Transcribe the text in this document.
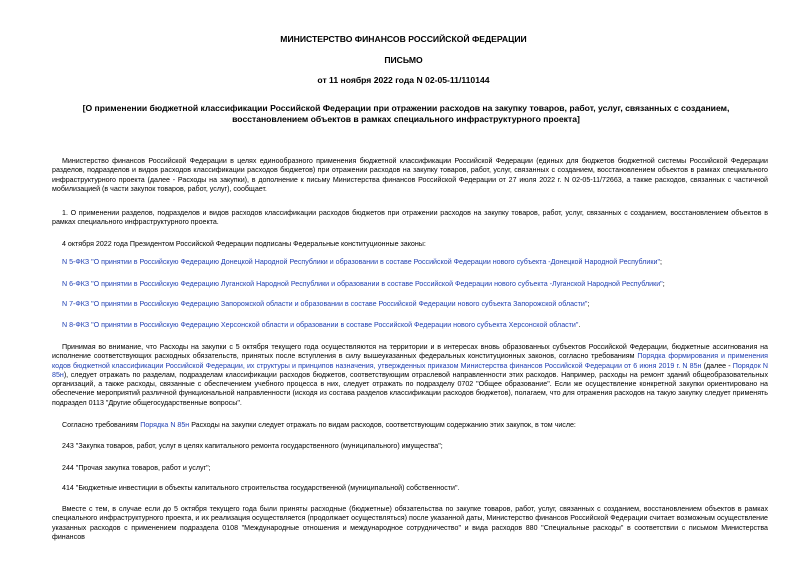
МИНИСТЕРСТВО ФИНАНСОВ РОССИЙСКОЙ ФЕДЕРАЦИИ
ПИСЬМО
от 11 ноября 2022 года N 02-05-11/110144
[О применении бюджетной классификации Российской Федерации при отражении расходов на закупку товаров, работ, услуг, связанных с созданием, восстановлением объектов в рамках специального инфраструктурного проекта]
Министерство финансов Российской Федерации в целях единообразного применения бюджетной классификации Российской Федерации (единых для бюджетов бюджетной системы Российской Федерации разделов, подразделов и видов расходов классификации расходов бюджетов) при отражении расходов на закупку товаров, работ, услуг, связанных с созданием, восстановлением объектов в рамках специального инфраструктурного проекта (далее - Расходы на закупки), в дополнение к письму Министерства финансов Российской Федерации от 27 июля 2022 г. N 02-05-11/72663, а также расходов, связанных с частичной мобилизацией (в части закупок товаров, работ, услуг), сообщает.
1. О применении разделов, подразделов и видов расходов классификации расходов бюджетов при отражении расходов на закупку товаров, работ, услуг, связанных с созданием, восстановлением объектов в рамках специального инфраструктурного проекта.
4 октября 2022 года Президентом Российской Федерации подписаны Федеральные конституционные законы:
N 5-ФКЗ "О принятии в Российскую Федерацию Донецкой Народной Республики и образовании в составе Российской Федерации нового субъекта -Донецкой Народной Республики";
N 6-ФКЗ "О принятии в Российскую Федерацию Луганской Народной Республики и образовании в составе Российской Федерации нового субъекта -Луганской Народной Республики";
N 7-ФКЗ "О принятии в Российскую Федерацию Запорожской области и образовании в составе Российской Федерации нового субъекта Запорожской области";
N 8-ФКЗ "О принятии в Российскую Федерацию Херсонской области и образовании в составе Российской Федерации нового субъекта Херсонской области".
Принимая во внимание, что Расходы на закупки с 5 октября текущего года осуществляются на территории и в интересах вновь образованных субъектов Российской Федерации, бюджетные ассигнования на исполнение соответствующих расходных обязательств, принятых после вступления в силу вышеуказанных федеральных конституционных законов, согласно требованиям Порядка формирования и применения кодов бюджетной классификации Российской Федерации, их структуры и принципов назначения, утвержденных приказом Министерства финансов Российской Федерации от 6 июня 2019 г. N 85н (далее - Порядок N 85н), следует отражать по разделам, подразделам классификации расходов бюджетов, соответствующим отраслевой направленности этих расходов. Например, расходы на ремонт зданий общеобразовательных организаций, а также расходы, связанные с обеспечением учебного процесса в них, следует отражать по подразделу 0702 "Общее образование". Если же осуществление конкретной закупки ориентировано на обеспечение мероприятий различной функциональной направленности (исходя из состава разделов классификации расходов бюджетов), полагаем, что для отражения расходов на такую закупку следует применять подраздел 0113 "Другие общегосударственные вопросы".
Согласно требованиям Порядка N 85н Расходы на закупки следует отражать по видам расходов, соответствующим содержанию этих закупок, в том числе:
243 "Закупка товаров, работ, услуг в целях капитального ремонта государственного (муниципального) имущества";
244 "Прочая закупка товаров, работ и услуг";
414 "Бюджетные инвестиции в объекты капитального строительства государственной (муниципальной) собственности".
Вместе с тем, в случае если до 5 октября текущего года были приняты расходные (бюджетные) обязательства по закупке товаров, работ, услуг, связанных с созданием, восстановлением объектов в рамках специального инфраструктурного проекта, и их реализация осуществляется (продолжает осуществляться) после указанной даты, Министерство финансов Российской Федерации считает возможным осуществление указанных расходов с применением подраздела 0108 "Международные отношения и международное сотрудничество" и вида расходов 880 "Специальные расходы" в соответствии с письмом Министерства финансов
